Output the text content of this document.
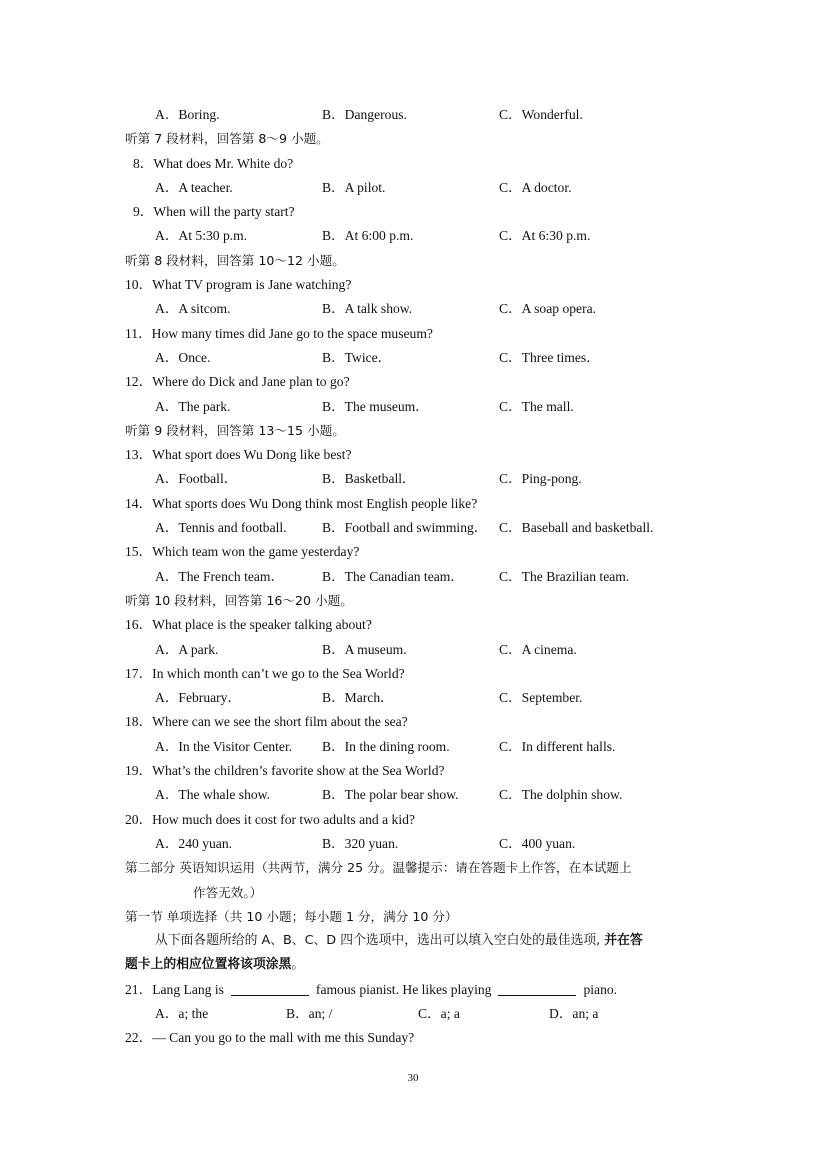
A．Boring.	B．Dangerous.	C．Wonderful.
听第 7 段材料，回答第 8～9 小题。
8．What does Mr. White do?
A．A teacher.	B．A pilot.	C．A doctor.
9．When will the party start?
A．At 5:30 p.m.	B．At 6:00 p.m.	C．At 6:30 p.m.
听第 8 段材料，回答第 10～12 小题。
10．What TV program is Jane watching?
A．A sitcom.	B．A talk show.	C．A soap opera.
11．How many times did Jane go to the space museum?
A．Once.	B．Twice．	C．Three times．
12．Where do Dick and Jane plan to go?
A．The park.	B．The museum．	C．The mall.
听第 9 段材料，回答第 13～15 小题。
13．What sport does Wu Dong like best?
A．Football．	B．Basketball．	C．Ping-pong.
14．What sports does Wu Dong think most English people like?
A．Tennis and football.	B．Football and swimming． C．Baseball and basketball.
15．Which team won the game yesterday?
A．The French team．	B．The Canadian team．	C．The Brazilian team.
听第 10 段材料，回答第 16～20 小题。
16．What place is the speaker talking about?
A．A park.	B．A museum.	C．A cinema.
17．In which month can’t we go to the Sea World?
A．February．	B．March．	C．September.
18．Where can we see the short film about the sea?
A．In the Visitor Center. B．In the dining room.	C．In different halls.
19．What’s the children’s favorite show at the Sea World?
A．The whale show.	B．The polar bear show.	C．The dolphin show.
20．How much does it cost for two adults and a kid?
A．240 yuan.	B．320 yuan.	C．400 yuan.
第二部分 英语知识运用（共两节，满分 25 分。温馨提示：请在答题卡上作答，在本试题上
作答无效。）
第一节 单项选择（共 10 小题；每小题 1 分，满分 10 分）
从下面各题所给的 A、B、C、D 四个选项中，选出可以填入空白处的最佳选项, 并在答
题卡上的相应位置将该项涂黑。
21．Lang Lang is	famous pianist. He likes playing	piano.
A．a; the	B．an; /	C．a; a	D．an; a
22．— Can you go to the mall with me this Sunday?
30
